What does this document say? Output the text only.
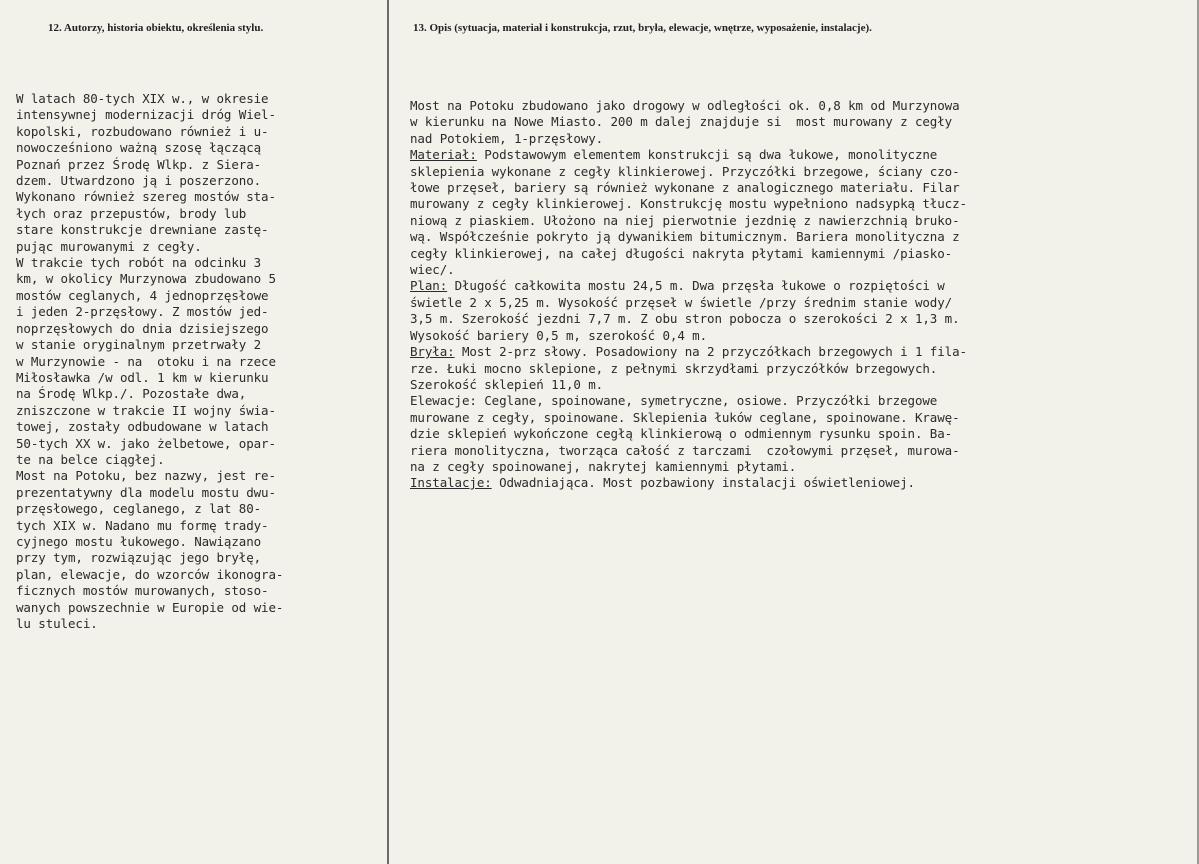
12. Autorzy, historia obiektu, określenia stylu.
W latach 80-tych XIX w., w okresie
intensywnej modernizacji dróg Wiel-
kopolski, rozbudowano również i u-
nowocześniono ważną szosę łączącą
Poznań przez Środę Wlkp. z Siera-
dzem. Utwardzono ją i poszerzono.
Wykonano również szereg mostów sta-
łych oraz przepustów, brody lub
stare konstrukcje drewniane zastę-
pując murowanymi z cegły.
W trakcie tych robót na odcinku 3
km, w okolicy Murzynowa zbudowano 5
mostów ceglanych, 4 jednoprzęsłowe
i jeden 2-przęsłowy. Z mostów jed-
noprzęsłowych do dnia dzisiejszego
w stanie oryginalnym przetrwały 2
w Murzynowie - na  otoku i na rzece
Miłosławka /w odl. 1 km w kierunku
na Środę Wlkp./. Pozostałe dwa,
zniszczone w trakcie II wojny świa-
towej, zostały odbudowane w latach
50-tych XX w. jako żelbetowe, opar-
te na belce ciągłej.
Most na Potoku, bez nazwy, jest re-
prezentatywny dla modelu mostu dwu-
przęsłowego, ceglanego, z lat 80-
tych XIX w. Nadano mu formę trady-
cyjnego mostu łukowego. Nawiązano
przy tym, rozwiązując jego bryłę,
plan, elewacje, do wzorców ikonogra-
ficznych mostów murowanych, stoso-
wanych powszechnie w Europie od wie-
lu stuleci.
13. Opis (sytuacja, materiał i konstrukcja, rzut, bryła, elewacje, wnętrze, wyposażenie, instalacje).
Most na Potoku zbudowano jako drogowy w odległości ok. 0,8 km od Murzynowa
w kierunku na Nowe Miasto. 200 m dalej znajduje si  most murowany z cegły
nad Potokiem, 1-przęsłowy.
Materiał: Podstawowym elementem konstrukcji są dwa łukowe, monolityczne
sklepienia wykonane z cegły klinkierowej. Przyczółki brzegowe, ściany czo-
łowe przęseł, bariery są również wykonane z analogicznego materiału. Filar
murowany z cegły klinkierowej. Konstrukcję mostu wypełniono nadsypką tłucz-
niową z piaskiem. Ułożono na niej pierwotnie jezdnię z nawierzchnią bruko-
wą. Współcześnie pokryto ją dywanikiem bitumicznym. Bariera monolityczna z
cegły klinkierowej, na całej długości nakryta płytami kamiennymi /piasko-
wiec/.
Plan: Długość całkowita mostu 24,5 m. Dwa przęsła łukowe o rozpiętości w
świetle 2 x 5,25 m. Wysokość przęseł w świetle /przy średnim stanie wody/
3,5 m. Szerokość jezdni 7,7 m. Z obu stron pobocza o szerokości 2 x 1,3 m.
Wysokość bariery 0,5 m, szerokość 0,4 m.
Bryła: Most 2-prz słowy. Posadowiony na 2 przyczółkach brzegowych i 1 fila-
rze. Łuki mocno sklepione, z pełnymi skrzydłami przyczółków brzegowych.
Szerokość sklepień 11,0 m.
Elewacje: Ceglane, spoinowane, symetryczne, osiowe. Przyczółki brzegowe
murowane z cegły, spoinowane. Sklepienia łuków ceglane, spoinowane. Krawę-
dzie sklepień wykończone cegłą klinkierową o odmiennym rysunku spoin. Ba-
riera monolityczna, tworząca całość z tarczami  czołowymi przęseł, murowa-
na z cegły spoinowanej, nakrytej kamiennymi płytami.
Instalacje: Odwadniająca. Most pozbawiony instalacji oświetleniowej.
